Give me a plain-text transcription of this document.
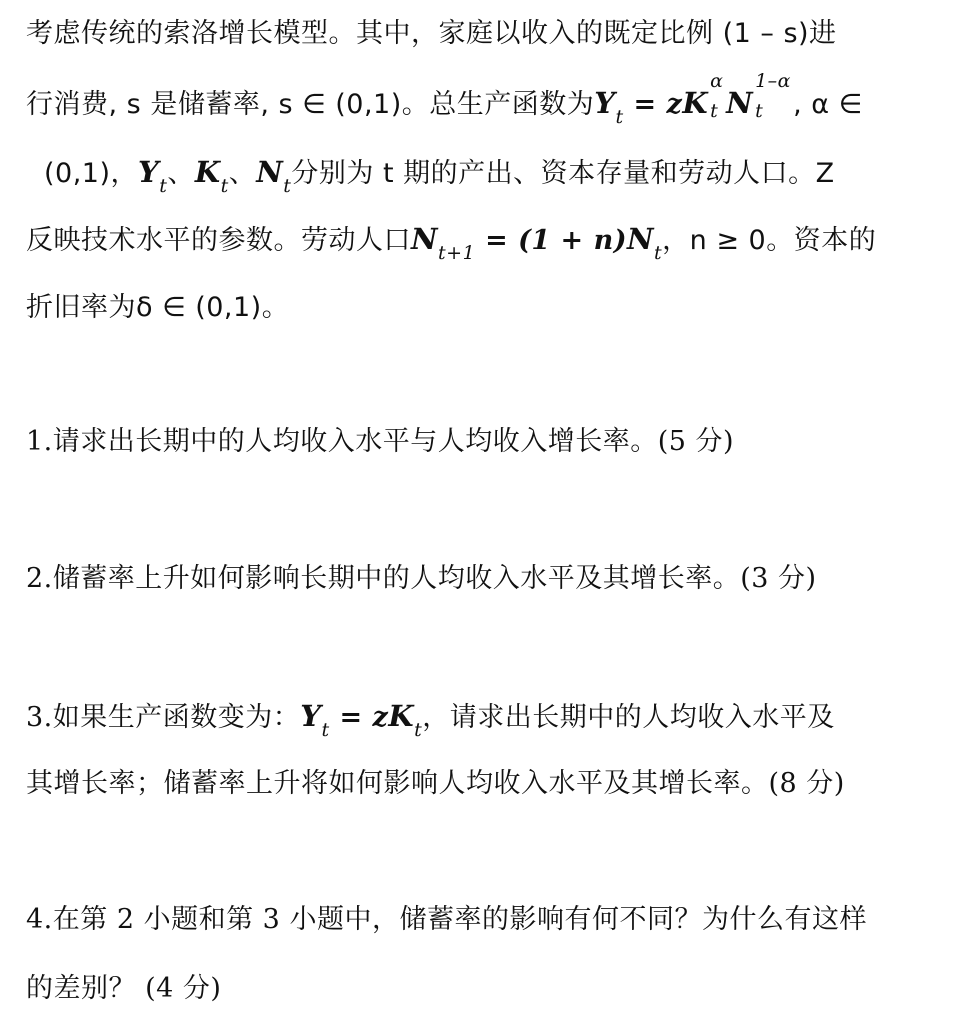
考虑传统的索洛增长模型。其中，家庭以收入的既定比例 (1 – s)进
行消费, s 是储蓄率, s ∈ (0,1)。总生产函数为$Y_t$ = zK
α
t N
1–α
t , α ∈
(0,1)，$Y_t$、$K_t$、$N_t$分别为 t 期的产出、资本存量和劳动人口。Z
反映技术水平的参数。劳动人口$N_{t+1} = (1 + n)N_t$，n ≥ 0。资本的
折旧率为δ ∈ (0,1)。
1.请求出长期中的人均收入水平与人均收入增长率。(5 分)
2.储蓄率上升如何影响长期中的人均收入水平及其增长率。(3 分)
3.如果生产函数变为：$Y_t = zK_t$，请求出长期中的人均收入水平及
其增长率；储蓄率上升将如何影响人均收入水平及其增长率。(8 分)
4.在第 2 小题和第 3 小题中，储蓄率的影响有何不同？为什么有这样
的差别？ (4 分)
